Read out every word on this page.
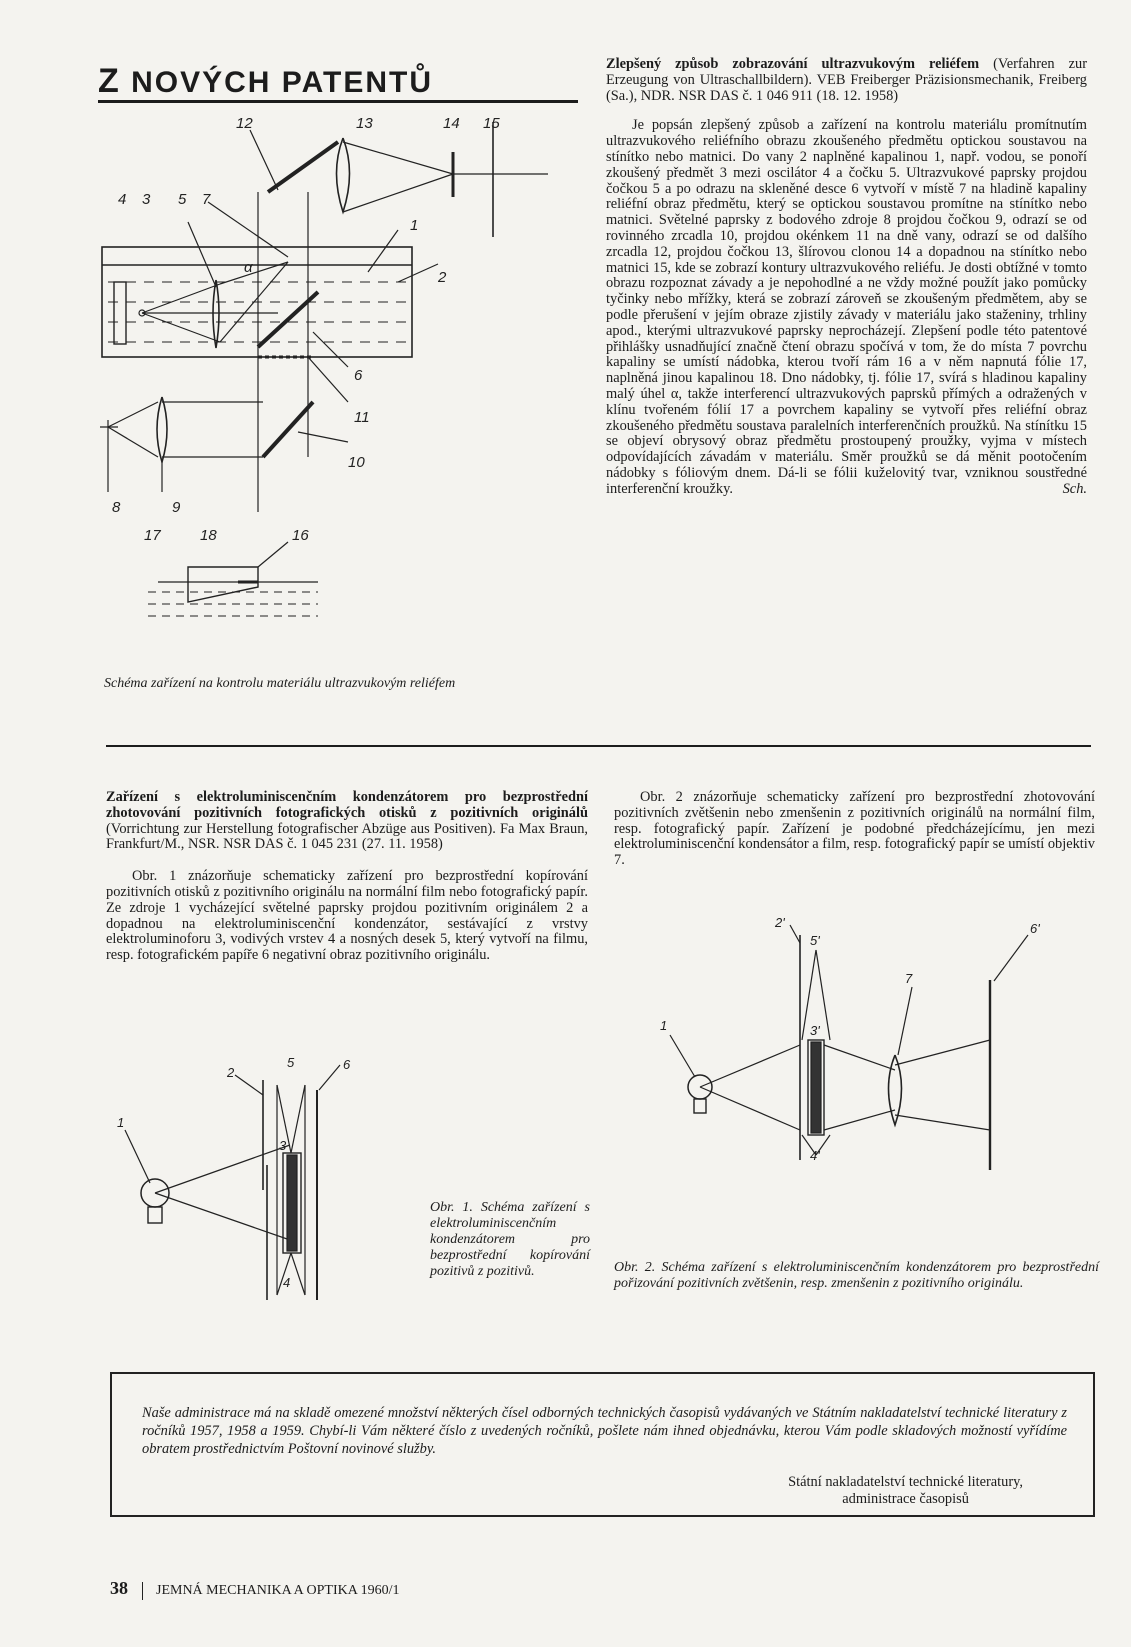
Z NOVÝCH PATENTŮ
12	13	14 15
4 3 5 7
1
2
α
6
11
10
8	9
17	18	16
Schéma zařízení na kontrolu materiálu ultrazvukovým reliéfem

Zlepšený způsob zobrazování ultrazvukovým reliéfem (Verfahren zur Erzeugung von Ultraschallbildern). VEB Freiberger Präzisionsmechanik, Freiberg (Sa.), NDR. NSR DAS č. 1 046 911 (18. 12. 1958)

Je popsán zlepšený způsob a zařízení na kontrolu materiálu promítnutím ultrazvukového reliéfního obrazu zkoušeného předmětu optickou soustavou na stínítko nebo matnici. Do vany 2 naplněné kapalinou 1, např. vodou, se ponoří zkoušený předmět 3 mezi oscilátor 4 a čočku 5. Ultrazvukové paprsky projdou čočkou 5 a po odrazu na skleněné desce 6 vytvoří v místě 7 na hladině kapaliny reliéfní obraz předmětu, který se optickou soustavou promítne na stínítko nebo matnici. Světelné paprsky z bodového zdroje 8 projdou čočkou 9, odrazí se od rovinného zrcadla 10, projdou okénkem 11 na dně vany, odrazí se od dalšího zrcadla 12, projdou čočkou 13, šlírovou clonou 14 a dopadnou na stínítko nebo matnici 15, kde se zobrazí kontury ultrazvukového reliéfu. Je dosti obtížné v tomto obrazu rozpoznat závady a je nepohodlné a ne vždy možné použít jako pomůcky tyčinky nebo mřížky, která se zobrazí zároveň se zkoušeným předmětem, aby se podle přerušení v jejím obraze zjistily závady v materiálu jako staženiny, trhliny apod., kterými ultrazvukové paprsky neprocházejí. Zlepšení podle této patentové přihlášky usnadňující značně čtení obrazu spočívá v tom, že do místa 7 povrchu kapaliny se umístí nádobka, kterou tvoří rám 16 a v něm napnutá fólie 17, naplněná jinou kapalinou 18. Dno nádobky, tj. fólie 17, svírá s hladinou kapaliny malý úhel α, takže interferencí ultrazvukových paprsků přímých a odražených v klínu tvořeném fólií 17 a povrchem kapaliny se vytvoří přes reliéfní obraz zkoušeného předmětu soustava paralelních interferenčních proužků. Na stínítku 15 se objeví obrysový obraz předmětu prostoupený proužky, vyjma v místech odpovídajících závadám v materiálu. Směr proužků se dá měnit pootočením nádobky s fóliovým dnem. Dá-li se fólii kuželovitý tvar, vzniknou soustředné interferenční kroužky.	Sch.

Zařízení s elektroluminiscenčním kondenzátorem pro bezprostřední zhotovování pozitivních fotografických otisků z pozitivních originálů (Vorrichtung zur Herstellung fotografischer Abzüge aus Positiven). Fa Max Braun, Frankfurt/M., NSR. NSR DAS č. 1 045 231 (27. 11. 1958)

Obr. 1 znázorňuje schematicky zařízení pro bezprostřední kopírování pozitivních otisků z pozitivního originálu na normální film nebo fotografický papír. Ze zdroje 1 vycházející světelné paprsky projdou pozitivním originálem 2 a dopadnou na elektroluminiscenční kondenzátor, sestávající z vrstvy elektroluminoforu 3, vodivých vrstev 4 a nosných desek 5, který vytvoří na filmu, resp. fotografickém papíře 6 negativní obraz pozitivního originálu.

Obr. 2 znázorňuje schematicky zařízení pro bezprostřední zhotovování pozitivních zvětšenin nebo zmenšenin z pozitivních originálů na normální film, resp. fotografický papír. Zařízení je podobné předcházejícímu, jen mezi elektroluminiscenční kondensátor a film, resp. fotografický papír se umístí objektiv 7.

1
2
3
4
5	6
Obr. 1. Schéma zařízení s elektroluminiscenčním kondenzátorem pro bezprostřední kopírování pozitivů z pozitivů.
1
2'
3'
4'
5'
6'
7
Obr. 2. Schéma zařízení s elektroluminiscenčním kondenzátorem pro bezprostřední pořizování pozitivních zvětšenin, resp. zmenšenin z pozitivního originálu.

Naše administrace má na skladě omezené množství některých čísel odborných technických časopisů vydávaných ve Státním nakladatelství technické literatury z ročníků 1957, 1958 a 1959. Chybí-li Vám některé číslo z uvedených ročníků, pošlete nám ihned objednávku, kterou Vám podle skladových možností vyřídíme obratem prostřednictvím Poštovní novinové služby.

Státní nakladatelství technické literatury,
administrace časopisů
38 JEMNÁ MECHANIKA A OPTIKA 1960/1
